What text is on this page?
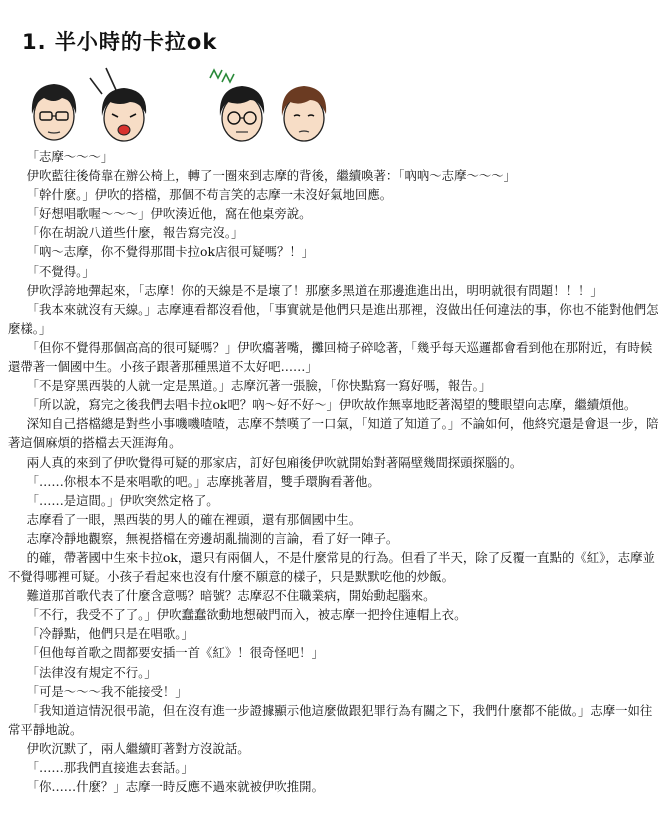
1. 半小時的卡拉ok

「志摩～～～」

伊吹藍往後倚靠在辦公椅上，轉了一圈來到志摩的背後，繼續喚著：「吶吶～志摩～～～」

「幹什麼。」伊吹的搭檔，那個不苟言笑的志摩一未沒好氣地回應。

「好想唱歌喔～～～」伊吹湊近他，窩在他桌旁說。

「你在胡說八道些什麼，報告寫完沒。」

「吶～志摩，你不覺得那間卡拉ok店很可疑嗎？！」

「不覺得。」

伊吹浮誇地彈起來，「志摩！你的天線是不是壞了！那麼多黑道在那邊進進出出，明明就很有問題！！！」

「我本來就沒有天線。」志摩連看都沒看他，「事實就是他們只是進出那裡，沒做出任何違法的事，你也不能對他們怎麼樣。」

「但你不覺得那個高高的很可疑嗎？」伊吹癟著嘴，攤回椅子碎唸著，「幾乎每天巡邏都會看到他在那附近，有時候還帶著一個國中生。小孩子跟著那種黑道不太好吧……」

「不是穿黑西裝的人就一定是黑道。」志摩沉著一張臉，「你快點寫一寫好嗎，報告。」

「所以說，寫完之後我們去唱卡拉ok吧？吶～好不好～」伊吹故作無辜地眨著渴望的雙眼望向志摩，繼續煩他。

深知自己搭檔總是對些小事嘰嘰喳喳，志摩不禁嘆了一口氣，「知道了知道了。」不論如何，他終究還是會退一步，陪著這個麻煩的搭檔去天涯海角。

兩人真的來到了伊吹覺得可疑的那家店，訂好包廂後伊吹就開始對著隔壁幾間探頭探腦的。

「……你根本不是來唱歌的吧。」志摩挑著眉，雙手環胸看著他。

「……是這間。」伊吹突然定格了。

志摩看了一眼，黑西裝的男人的確在裡頭，還有那個國中生。

志摩冷靜地觀察，無視搭檔在旁邊胡亂揣測的言論，看了好一陣子。

的確，帶著國中生來卡拉ok，還只有兩個人，不是什麼常見的行為。但看了半天，除了反覆一直點的《紅》，志摩並不覺得哪裡可疑。小孩子看起來也沒有什麼不願意的樣子，只是默默吃他的炒飯。

難道那首歌代表了什麼含意嗎？暗號？志摩忍不住職業病，開始動起腦來。

「不行，我受不了了。」伊吹蠢蠢欲動地想破門而入，被志摩一把拎住連帽上衣。

「冷靜點，他們只是在唱歌。」

「但他每首歌之間都要安插一首《紅》！很奇怪吧！」

「法律沒有規定不行。」

「可是～～～我不能接受！」

「我知道這情況很弔詭，但在沒有進一步證據顯示他這麼做跟犯罪行為有關之下，我們什麼都不能做。」志摩一如往常平靜地說。

伊吹沉默了，兩人繼續盯著對方沒說話。

「……那我們直接進去套話。」

「你……什麼？」志摩一時反應不過來就被伊吹推開。
